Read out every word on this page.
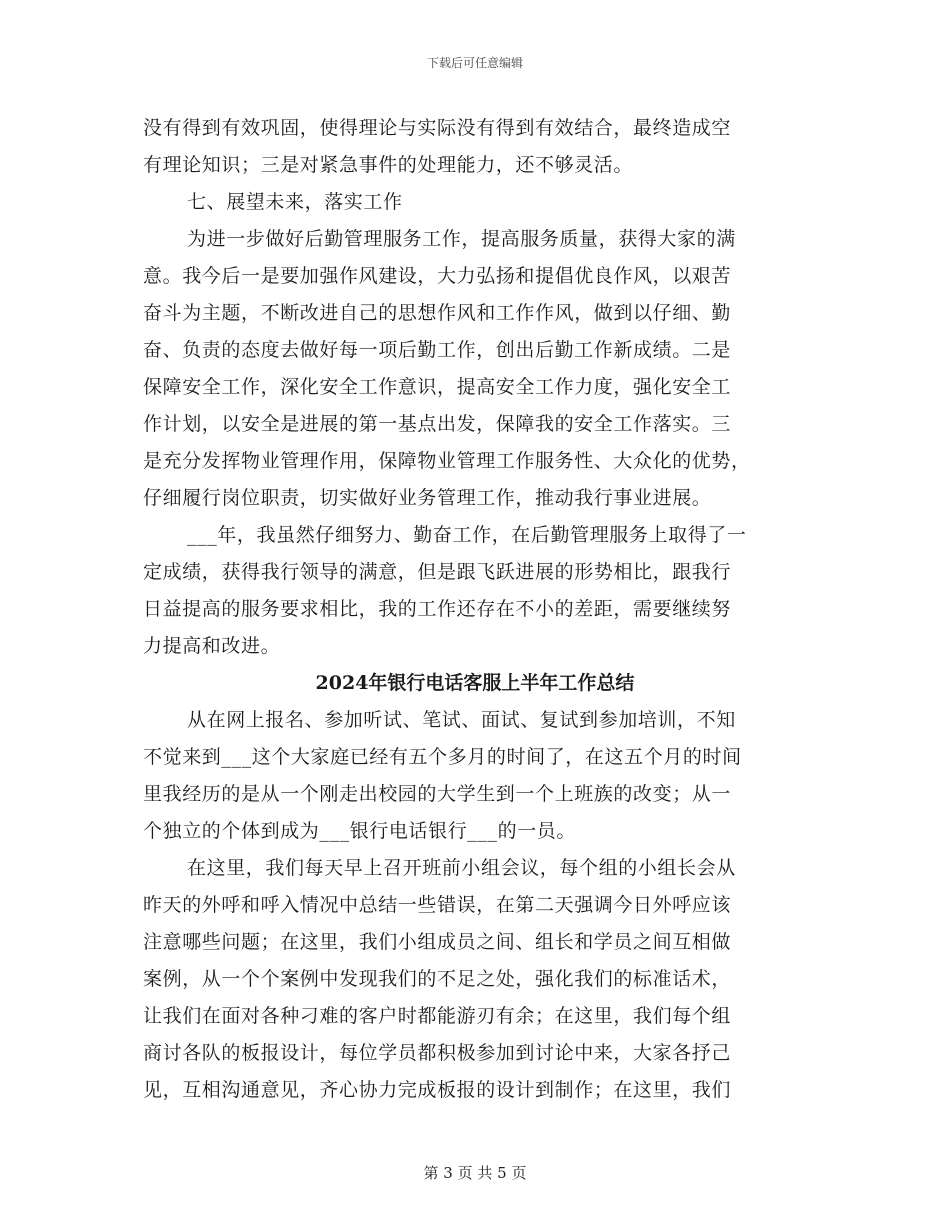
下载后可任意编辑
没有得到有效巩固，使得理论与实际没有得到有效结合，最终造成空
有理论知识；三是对紧急事件的处理能力，还不够灵活。
七、展望未来，落实工作
为进一步做好后勤管理服务工作，提高服务质量，获得大家的满
意。我今后一是要加强作风建设，大力弘扬和提倡优良作风，以艰苦
奋斗为主题，不断改进自己的思想作风和工作作风，做到以仔细、勤
奋、负责的态度去做好每一项后勤工作，创出后勤工作新成绩。二是
保障安全工作，深化安全工作意识，提高安全工作力度，强化安全工
作计划，以安全是进展的第一基点出发，保障我的安全工作落实。三
是充分发挥物业管理作用，保障物业管理工作服务性、大众化的优势，
仔细履行岗位职责，切实做好业务管理工作，推动我行事业进展。
___年，我虽然仔细努力、勤奋工作，在后勤管理服务上取得了一
定成绩，获得我行领导的满意，但是跟飞跃进展的形势相比，跟我行
日益提高的服务要求相比，我的工作还存在不小的差距，需要继续努
力提高和改进。
2024年银行电话客服上半年工作总结
从在网上报名、参加听试、笔试、面试、复试到参加培训，不知
不觉来到___这个大家庭已经有五个多月的时间了，在这五个月的时间
里我经历的是从一个刚走出校园的大学生到一个上班族的改变；从一
个独立的个体到成为___银行电话银行___的一员。
在这里，我们每天早上召开班前小组会议，每个组的小组长会从
昨天的外呼和呼入情况中总结一些错误，在第二天强调今日外呼应该
注意哪些问题；在这里，我们小组成员之间、组长和学员之间互相做
案例，从一个个案例中发现我们的不足之处，强化我们的标准话术，
让我们在面对各种刁难的客户时都能游刃有余；在这里，我们每个组
商讨各队的板报设计，每位学员都积极参加到讨论中来，大家各抒己
见，互相沟通意见，齐心协力完成板报的设计到制作；在这里，我们
第 3 页 共 5 页
